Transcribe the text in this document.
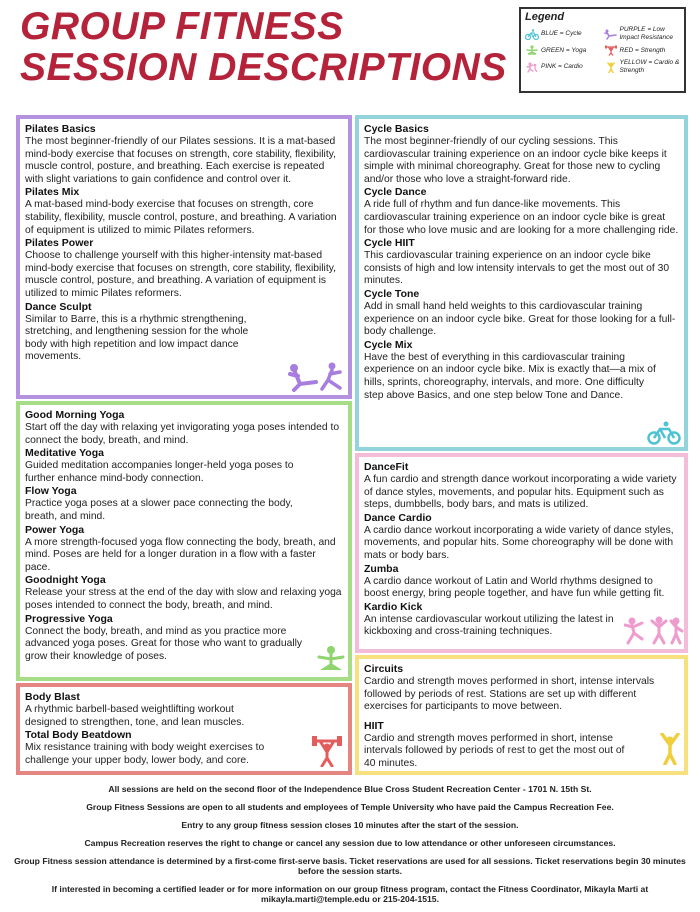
GROUP FITNESS
SESSION DESCRIPTIONS
Legend
BLUE = Cycle
PURPLE = Low Impact Resistance
GREEN = Yoga	RED = Strength
PINK = Cardio
YELLOW = Cardio & Strength
Pilates Basics

The most beginner-friendly of our Pilates sessions. It is a mat-based mind-body exercise that focuses on strength, core stability, flexibility, muscle control, posture, and breathing. Each exercise is repeated with slight variations to gain confidence and control over it.

Pilates Mix

A mat-based mind-body exercise that focuses on strength, core stability, flexibility, muscle control, posture, and breathing. A variation of equipment is utilized to mimic Pilates reformers.

Pilates Power

Choose to challenge yourself with this higher-intensity mat-based mind-body exercise that focuses on strength, core stability, flexibility, muscle control, posture, and breathing. A variation of equipment is utilized to mimic Pilates reformers.

Dance Sculpt

Similar to Barre, this is a rhythmic strengthening, stretching, and lengthening session for the whole body with high repetition and low impact dance movements.

Cycle Basics

The most beginner-friendly of our cycling sessions. This cardiovascular training experience on an indoor cycle bike keeps it simple with minimal choreography. Great for those new to cycling and/or those who love a straight-forward ride.

Cycle Dance

A ride full of rhythm and fun dance-like movements. This cardiovascular training experience on an indoor cycle bike is great for those who love music and are looking for a more challenging ride.

Cycle HIIT

This cardiovascular training experience on an indoor cycle bike consists of high and low intensity intervals to get the most out of 30 minutes.

Cycle Tone

Add in small hand held weights to this cardiovascular training experience on an indoor cycle bike. Great for those looking for a full-body challenge.

Cycle Mix

Have the best of everything in this cardiovascular training experience on an indoor cycle bike. Mix is exactly that—a mix of hills, sprints, choreography, intervals, and more. One difficulty step above Basics, and one step below Tone and Dance.

Good Morning Yoga

Start off the day with relaxing yet invigorating yoga poses intended to connect the body, breath, and mind.

Meditative Yoga

Guided meditation accompanies longer-held yoga poses to further enhance mind-body connection.

Flow Yoga

Practice yoga poses at a slower pace connecting the body, breath, and mind.

Power Yoga

A more strength-focused yoga flow connecting the body, breath, and mind. Poses are held for a longer duration in a flow with a faster pace.

Goodnight Yoga

Release your stress at the end of the day with slow and relaxing yoga poses intended to connect the body, breath, and mind.

Progressive Yoga

Connect the body, breath, and mind as you practice more advanced yoga poses. Great for those who want to gradually grow their knowledge of poses.

DanceFit

A fun cardio and strength dance workout incorporating a wide variety of dance styles, movements, and popular hits. Equipment such as steps, dumbbells, body bars, and mats is utilized.

Dance Cardio

A cardio dance workout incorporating a wide variety of dance styles, movements, and popular hits. Some choreography will be done with mats or body bars.

Zumba

A cardio dance workout of Latin and World rhythms designed to boost energy, bring people together, and have fun while getting fit.

Kardio Kick

An intense cardiovascular workout utilizing the latest in kickboxing and cross-training techniques.

Body Blast

A rhythmic barbell-based weightlifting workout designed to strengthen, tone, and lean muscles.

Total Body Beatdown

Mix resistance training with body weight exercises to challenge your upper body, lower body, and core.

Circuits

Cardio and strength moves performed in short, intense intervals followed by periods of rest. Stations are set up with different exercises for participants to move between.

HIIT

Cardio and strength moves performed in short, intense intervals followed by periods of rest to get the most out of 40 minutes.

All sessions are held on the second floor of the Independence Blue Cross Student Recreation Center - 1701 N. 15th St.

Group Fitness Sessions are open to all students and employees of Temple University who have paid the Campus Recreation Fee.

Entry to any group fitness session closes 10 minutes after the start of the session.

Campus Recreation reserves the right to change or cancel any session due to low attendance or other unforeseen circumstances.

Group Fitness session attendance is determined by a first-come first-serve basis. Ticket reservations are used for all sessions. Ticket reservations begin 30 minutes before the session starts.

If interested in becoming a certified leader or for more information on our group fitness program, contact the Fitness Coordinator, Mikayla Marti at mikayla.marti@temple.edu or 215-204-1515.
